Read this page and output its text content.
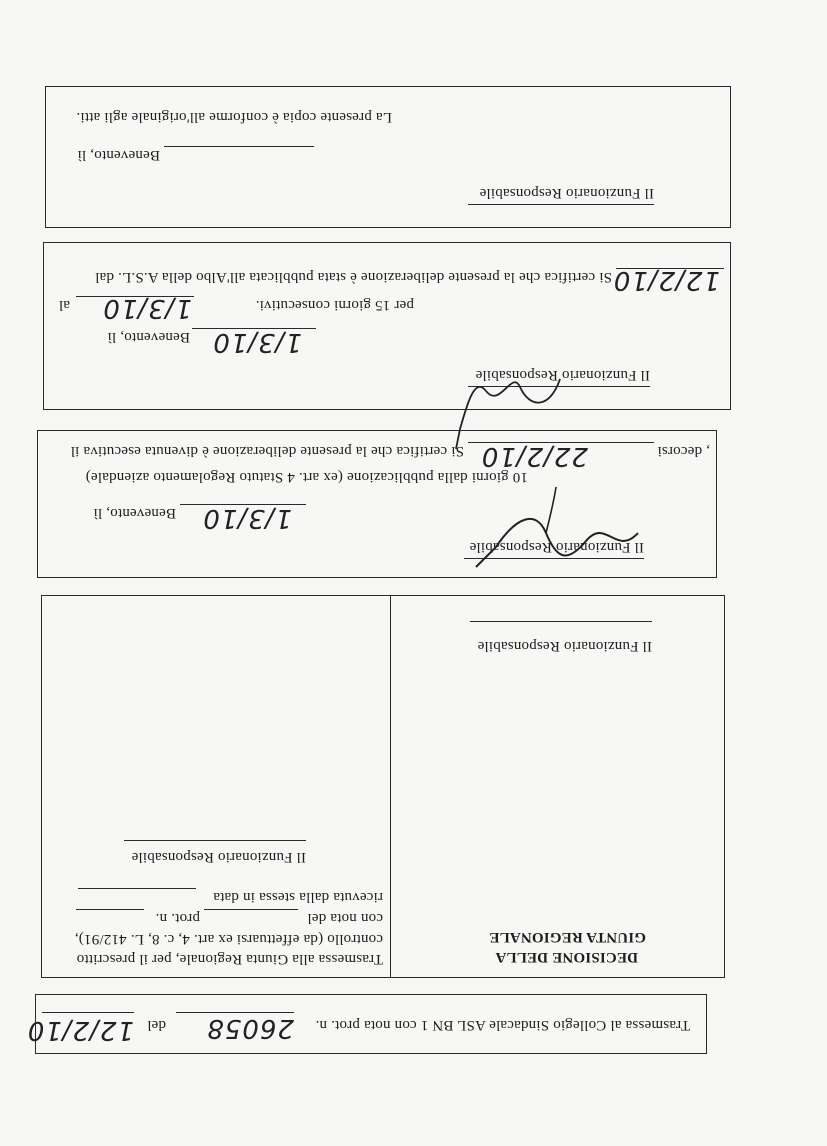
Trasmessa al Collegio Sindacale ASL BN 1 con nota prot. n.
26058
del
12/2/10
DECISIONE DELLA
GIUNTA REGIONALE
Il Funzionario Responsabile
Trasmessa alla Giunta Regionale, per il prescritto
controllo (da effettuarsi ex art. 4, c. 8, L. 412/91),
con nota del
prot. n.
ricevuta dalla stessa in data
Il Funzionario Responsabile
Il Funzionario Responsabile
Benevento, lì 1/3/10
10 giorni dalla pubblicazione (ex art. 4 Statuto Regolamento aziendale)
, decorsi
22/2/10
Si certifica che la presente deliberazione è divenuta esecutiva il
Il Funzionario Responsabile
Benevento, lì 1/3/10
per 15 giorni consecutivi.
1/3/10
al
12/2/10
Si certifica che la presente deliberazione è stata pubblicata all'Albo della A.S.L. dal
Il Funzionario Responsabile
Benevento, lì
La presente copia è conforme all'originale agli atti.
